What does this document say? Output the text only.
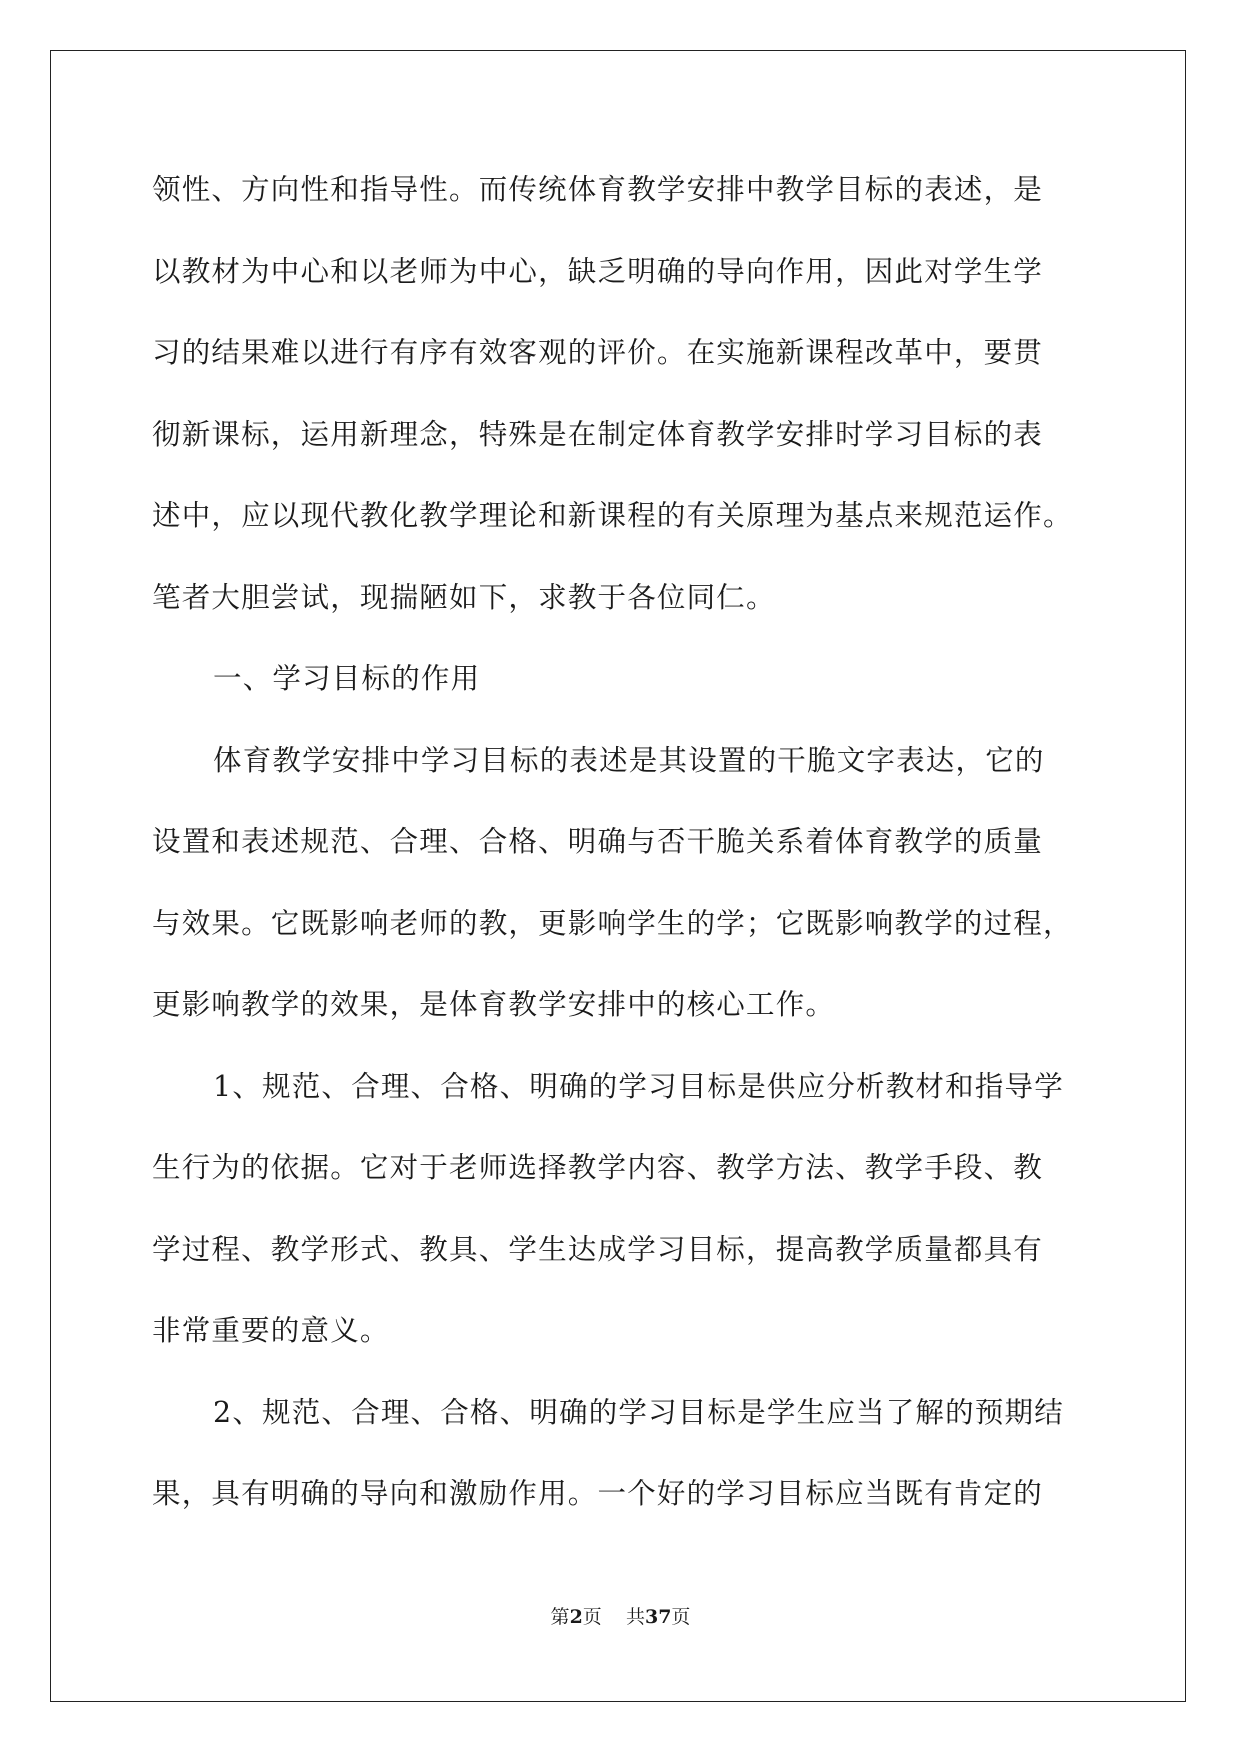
领性、方向性和指导性。而传统体育教学安排中教学目标的表述，是
以教材为中心和以老师为中心，缺乏明确的导向作用，因此对学生学
习的结果难以进行有序有效客观的评价。在实施新课程改革中，要贯
彻新课标，运用新理念，特殊是在制定体育教学安排时学习目标的表
述中，应以现代教化教学理论和新课程的有关原理为基点来规范运作。
笔者大胆尝试，现揣陋如下，求教于各位同仁。
一、学习目标的作用
体育教学安排中学习目标的表述是其设置的干脆文字表达，它的
设置和表述规范、合理、合格、明确与否干脆关系着体育教学的质量
与效果。它既影响老师的教，更影响学生的学；它既影响教学的过程，
更影响教学的效果，是体育教学安排中的核心工作。
1、规范、合理、合格、明确的学习目标是供应分析教材和指导学
生行为的依据。它对于老师选择教学内容、教学方法、教学手段、教
学过程、教学形式、教具、学生达成学习目标，提高教学质量都具有
非常重要的意义。
2、规范、合理、合格、明确的学习目标是学生应当了解的预期结
果，具有明确的导向和激励作用。一个好的学习目标应当既有肯定的
第2页    共37页
